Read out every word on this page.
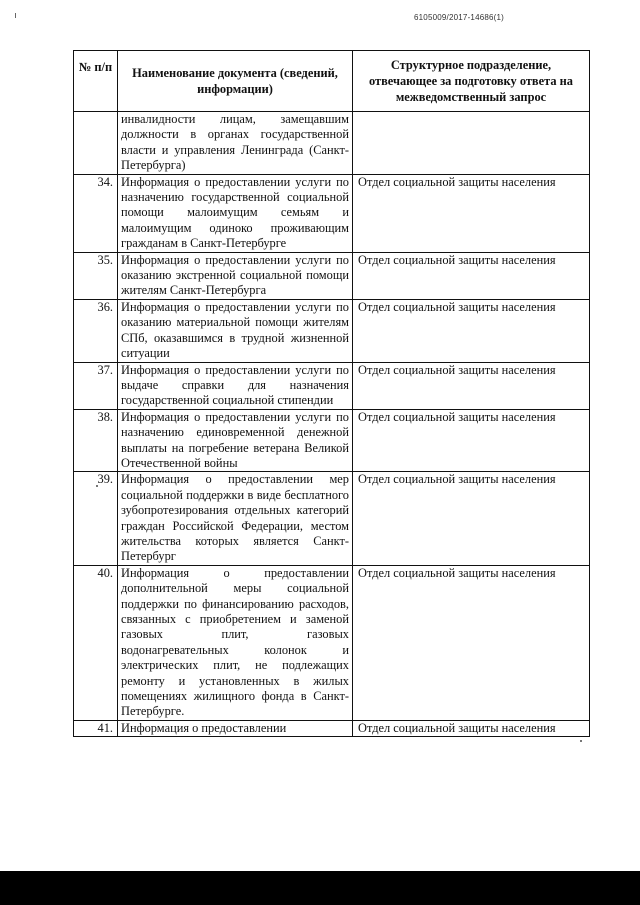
6105009/2017-14686(1)
№ п/п	Наименование документа (сведений, информации)	Структурное подразделение, отвечающее за подготовку ответа на межведомственный запрос
	инвалидности лицам, замещавшим должности в органах государственной власти и управления Ленинграда (Санкт-Петербурга)	
34.	Информация о предоставлении услуги по назначению государственной социальной помощи малоимущим семьям и малоимущим одиноко проживающим гражданам в Санкт-Петербурге	Отдел социальной защиты населения
35.	Информация о предоставлении услуги по оказанию экстренной социальной помощи жителям Санкт-Петербурга	Отдел социальной защиты населения
36.	Информация о предоставлении услуги по оказанию материальной помощи жителям СПб, оказавшимся в трудной жизненной ситуации	Отдел социальной защиты населения
37.	Информация о предоставлении услуги по выдаче справки для назначения государственной социальной стипендии	Отдел социальной защиты населения
38.	Информация о предоставлении услуги по назначению единовременной денежной выплаты на погребение ветерана Великой Отечественной войны	Отдел социальной защиты населения
39.	Информация о предоставлении мер социальной поддержки в виде бесплатного зубопротезирования отдельных категорий граждан Российской Федерации, местом жительства которых является Санкт-Петербург	Отдел социальной защиты населения
40.	Информация о предоставлении дополнительной меры социальной поддержки по финансированию расходов, связанных с приобретением и заменой газовых плит, газовых водонагревательных колонок и электрических плит, не подлежащих ремонту и установленных в жилых помещениях жилищного фонда в Санкт-Петербурге.	Отдел социальной защиты населения
41.	Информация о предоставлении	Отдел социальной защиты населения
